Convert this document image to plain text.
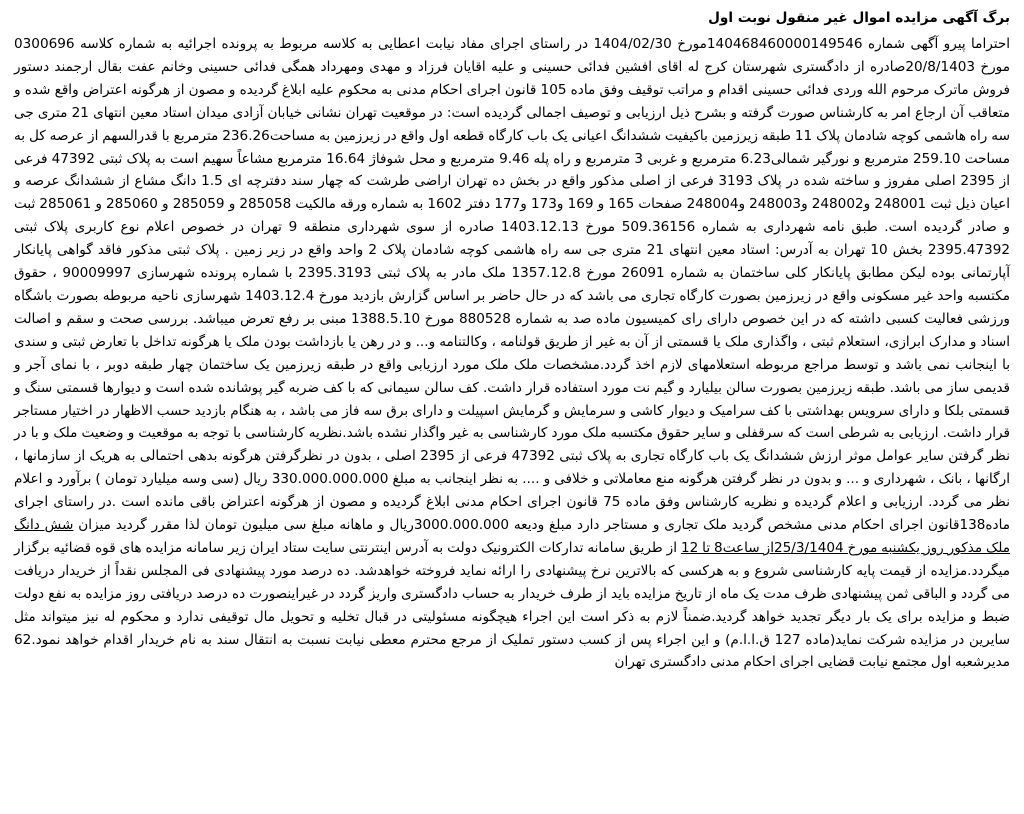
برگ آگهی مزایده اموال غیر منقول نوبت اول

احتراما پیرو آگهی شماره 140468460000149546مورخ 1404/02/30 در راستای اجرای مفاد نیابت اعطایی به کلاسه مربوط به پرونده اجرائیه به شماره کلاسه 0300696 مورخ 20/8/1403صادره از دادگستری شهرستان کرج له اقای افشین فدائی حسینی و علیه اقایان فرزاد و مهدی ومهرداد همگی فدائی حسینی وخانم عفت بقال ارجمند دستور فروش ماترک مرحوم الله وردی فدائی حسینی اقدام و مراتب توقیف وفق ماده 105 قانون اجرای احکام مدنی به محکوم علیه ابلاغ گردیده و مصون از هرگونه اعتراض واقع شده و متعاقب آن ارجاع امر به کارشناس صورت گرفته و بشرح ذیل ارزیابی و توصیف اجمالی گردیده است: در موقعیت تهران نشانی خیابان آزادی میدان استاد معین انتهای 21 متری جی سه راه هاشمی کوچه شادمان پلاک 11 طبقه زیرزمین باکیفیت ششدانگ اعیانی یک باب کارگاه قطعه اول واقع در زیرزمین به مساحت236.26 مترمربع با قدرالسهم از عرصه کل به مساحت 259.10 مترمربع و نورگیر شمالی6.23 مترمربع و غربی 3 مترمربع و راه پله 9.46 مترمربع و محل شوفاژ 16.64 مترمربع مشاعاً سهیم است به پلاک ثبتی 47392 فرعی از 2395 اصلی مفروز و ساخته شده در پلاک 3193 فرعی از اصلی مذکور واقع در بخش ده تهران اراضی طرشت که چهار سند دفترچه ای 1.5 دانگ مشاع از ششدانگ عرصه و اعیان ذیل ثبت 248001 و248002 و248003 و248004 صفحات 165 و 169 و173 و177 دفتر 1602 به شماره ورقه مالکیت 285058 و 285059 و 285060 و 285061 ثبت و صادر گردیده است. طبق نامه شهرداری به شماره 509.36156 مورخ 1403.12.13 صادره از سوی شهرداری منطقه 9 تهران در خصوص اعلام نوع کاربری پلاک ثبتی 2395.47392 بخش 10 تهران به آدرس: استاد معین انتهای 21 متری جی سه راه هاشمی کوچه شادمان پلاک 2 واحد واقع در زیر زمین . پلاک ثبتی مذکور فاقد گواهی پایانکار آپارتمانی بوده لیکن مطابق پایانکار کلی ساختمان به شماره 26091 مورخ 1357.12.8 ملک مادر به پلاک ثبتی 2395.3193 با شماره پرونده شهرسازی 90009997 ، حقوق مکتسبه واحد غیر مسکونی واقع در زیرزمین بصورت کارگاه تجاری می باشد که در حال حاضر بر اساس گزارش بازدید مورخ 1403.12.4 شهرسازی ناحیه مربوطه بصورت باشگاه ورزشی فعالیت کسبی داشته که در این خصوص دارای رای کمیسیون ماده صد به شماره 880528 مورخ 1388.5.10 مبنی بر رفع تعرض میباشد. بررسی صحت و سقم و اصالت اسناد و مدارک ابرازی، استعلام ثبتی ، واگذاری ملک یا قسمتی از آن به غیر از طریق قولنامه ، وکالتنامه و... و در رهن یا بازداشت بودن ملک یا هرگونه تداخل با تعارض ثبتی و سندی با اینجانب نمی باشد و توسط مراجع مربوطه استعلامهای لازم اخذ گردد.مشخصات ملک ملک مورد ارزیابی واقع در طبقه زیرزمین یک ساختمان چهار طبقه دوبر ، با نمای آجر و قدیمی ساز می باشد. طبقه زیرزمین بصورت سالن بیلیارد و گیم نت مورد استفاده قرار داشت. کف سالن سیمانی که با کف ضربه گیر پوشانده شده است و دیوارها قسمتی سنگ و قسمتی بلکا و دارای سرویس بهداشتی با کف سرامیک و دیوار کاشی و سرمایش و گرمایش اسپیلت و دارای برق سه فاز می باشد ، به هنگام بازدید حسب الاظهار در اختیار مستاجر قرار داشت. ارزیابی به شرطی است که سرقفلی و سایر حقوق مکتسبه ملک مورد کارشناسی به غیر واگذار نشده باشد.نظریه کارشناسی با توجه به موقعیت و وضعیت ملک و با در نظر گرفتن سایر عوامل موثر ارزش ششدانگ یک باب کارگاه تجاری به پلاک ثبتی 47392 فرعی از 2395 اصلی ، بدون در نظرگرفتن هرگونه بدهی احتمالی به هریک از سازمانها ، ارگانها ، بانک ، شهرداری و ... و بدون در نظر گرفتن هرگونه منع معاملاتی و خلافی و .... به نظر اینجانب به مبلغ 330.000.000.000 ریال (سی وسه میلیارد تومان ) برآورد و اعلام نظر می گردد. ارزیابی و اعلام گردیده و نظریه کارشناس وفق ماده 75 قانون اجرای احکام مدنی ابلاغ گردیده و مصون از هرگونه اعتراض باقی مانده است .در راستای اجرای ماده138قانون اجرای احکام مدنی مشخص گردید ملک تجاری و مستاجر دارد مبلغ ودیعه 3000.000.000ریال و ماهانه مبلغ سی میلیون تومان لذا مقرر گردید میزان شش دانگ ملک مذکور روز یکشنبه مورخ 25/3/1404از ساعت8 تا 12 از طریق سامانه تدارکات الکترونیک دولت به آدرس اینترنتی سایت ستاد ایران زیر سامانه مزایده های قوه قضائیه برگزار میگردد.مزایده از قیمت پایه کارشناسی شروع و به هرکسی که بالاترین نرخ پیشنهادی را ارائه نماید فروخته خواهدشد. ده درصد مورد پیشنهادی فی المجلس نقداً از خریدار دریافت می گردد و الباقی ثمن پیشنهادی ظرف مدت یک ماه از تاریخ مزایده باید از طرف خریدار به حساب دادگستری واریز گردد در غیراینصورت ده درصد دریافتی روز مزایده به نفع دولت ضبط و مزایده برای یک بار دیگر تجدید خواهد گردید.ضمناً لازم به ذکر است این اجراء هیچگونه مسئولیتی در قبال تخلیه و تحویل مال توقیفی ندارد و محکوم له نیز میتواند مثل سایرین در مزایده شرکت نماید(ماده 127 ق.ا.ا.م) و این اجراء پس از کسب دستور تملیک از مرجع محترم معطی نیابت نسبت به انتقال سند به نام خریدار اقدام خواهد نمود.62 مدیرشعبه اول مجتمع نیابت قضایی اجرای احکام مدنی دادگستری تهران
